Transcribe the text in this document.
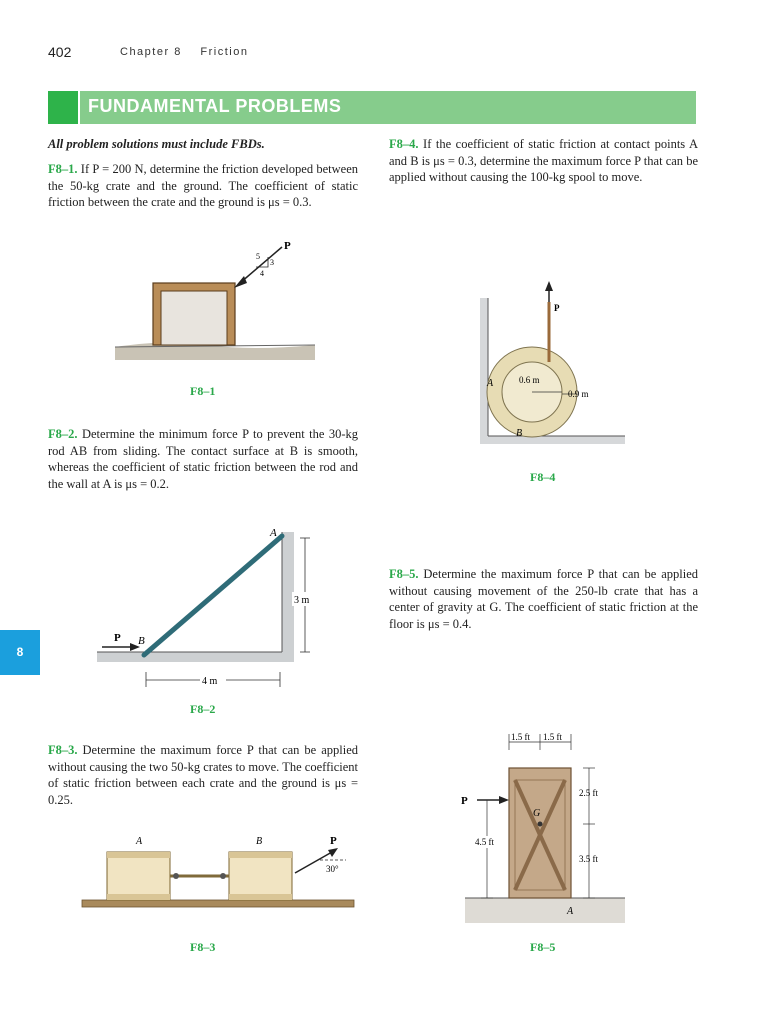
402	Chapter 8 Friction
FUNDAMENTAL PROBLEMS
All problem solutions must include FBDs.
F8–1. If P = 200 N, determine the friction developed between the 50-kg crate and the ground. The coefficient of static friction between the crate and the ground is μs = 0.3.
F8–2. Determine the minimum force P to prevent the 30-kg rod AB from sliding. The contact surface at B is smooth, whereas the coefficient of static friction between the rod and the wall at A is μs = 0.2.
F8–3. Determine the maximum force P that can be applied without causing the two 50-kg crates to move. The coefficient of static friction between each crate and the ground is μs = 0.25.
F8–4. If the coefficient of static friction at contact points A and B is μs = 0.3, determine the maximum force P that can be applied without causing the 100-kg spool to move.
F8–5. Determine the maximum force P that can be applied without causing movement of the 250-lb crate that has a center of gravity at G. The coefficient of static friction at the floor is μs = 0.4.
8
P
5
3
4
F8–1
P B
A
3 m
4 m
F8–2
A	B	P
30°
F8–3
P
0.6 m
0.9 m
A
B
F8–4
P
G
A
1.5 ft 1.5 ft
2.5 ft
3.5 ft
4.5 ft
F8–5
